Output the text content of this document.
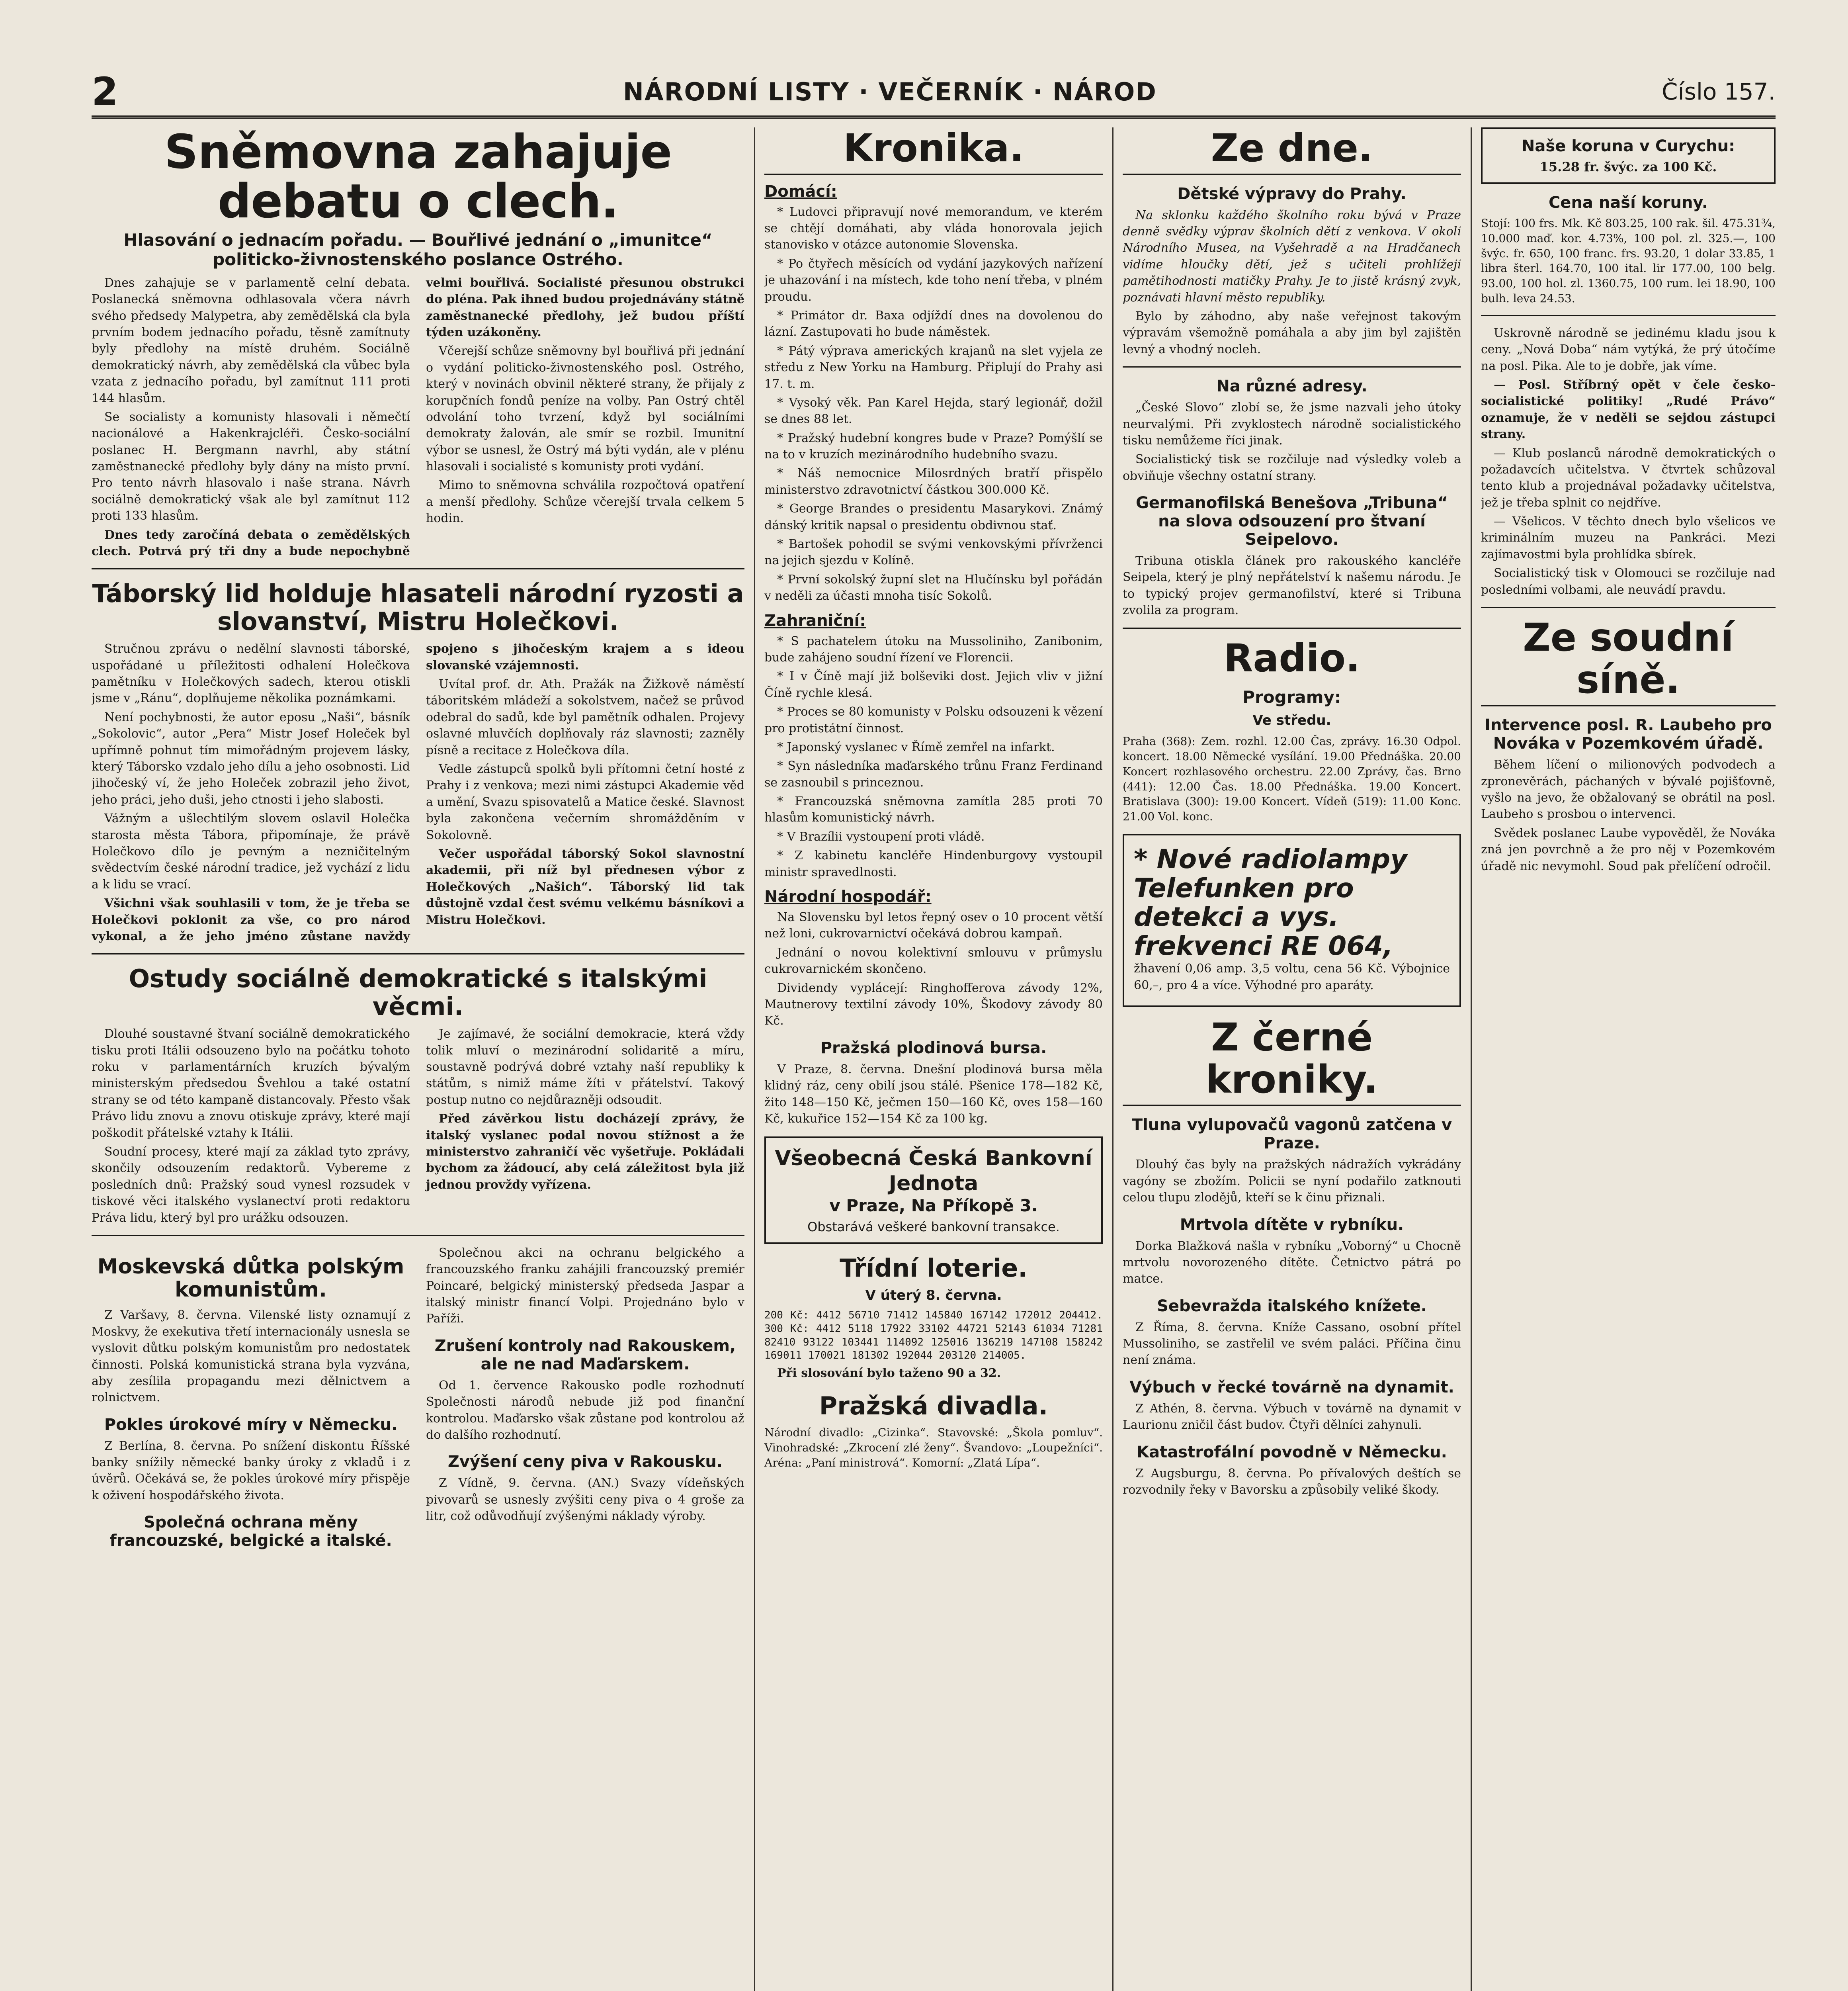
2	NÁRODNÍ LISTY · VEČERNÍK · NÁROD	Číslo 157.
Sněmovna zahajuje debatu o clech.
Hlasování o jednacím pořadu. — Bouřlivé jednání o „imunitce“ politicko-živnostenského poslance Ostrého.

Dnes zahajuje se v parlamentě celní debata. Poslanecká sněmovna odhlasovala včera návrh svého předsedy Malypetra, aby zemědělská cla byla prvním bodem jednacího pořadu, těsně zamítnuty byly předlohy na místě druhém. Sociálně demokratický návrh, aby zemědělská cla vůbec byla vzata z jednacího pořadu, byl zamítnut 111 proti 144 hlasům.

Se socialisty a komunisty hlasovali i němečtí nacionálové a Hakenkrajcléři. Česko-sociální poslanec H. Bergmann navrhl, aby státní zaměstnanecké předlohy byly dány na místo první. Pro tento návrh hlasovalo i naše strana. Návrh sociálně demokratický však ale byl zamítnut 112 proti 133 hlasům.

Dnes tedy zaročíná debata o zemědělských clech. Potrvá prý tři dny a bude nepochybně velmi bouřlivá. Socialisté přesunou obstrukci do pléna. Pak ihned budou projednávány státně zaměstnanecké předlohy, jež budou příští týden uzákoněny.

Včerejší schůze sněmovny byl bouřlivá při jednání o vydání politicko-živnostenského posl. Ostrého, který v novinách obvinil některé strany, že přijaly z korupčních fondů peníze na volby. Pan Ostrý chtěl odvolání toho tvrzení, když byl sociálními demokraty žalován, ale smír se rozbil. Imunitní výbor se usnesl, že Ostrý má býti vydán, ale v plénu hlasovali i socialisté s komunisty proti vydání.

Mimo to sněmovna schválila rozpočtová opatření a menší předlohy. Schůze včerejší trvala celkem 5 hodin.

Táborský lid holduje hlasateli národní ryzosti a slovanství, Mistru Holečkovi.

Stručnou zprávu o nedělní slavnosti táborské, uspořádané u příležitosti odhalení Holečkova pamětníku v Holečkových sadech, kterou otiskli jsme v „Ránu“, doplňujeme několika poznámkami.

Není pochybnosti, že autor eposu „Naši“, básník „Sokolovic“, autor „Pera“ Mistr Josef Holeček byl upřímně pohnut tím mimořádným projevem lásky, který Táborsko vzdalo jeho dílu a jeho osobnosti. Lid jihočeský ví, že jeho Holeček zobrazil jeho život, jeho práci, jeho duši, jeho ctnosti i jeho slabosti.

Vážným a ušlechtilým slovem oslavil Holečka starosta města Tábora, připomínaje, že právě Holečkovo dílo je pevným a nezničitelným svědectvím české národní tradice, jež vychází z lidu a k lidu se vrací.

Všichni však souhlasili v tom, že je třeba se Holečkovi poklonit za vše, co pro národ vykonal, a že jeho jméno zůstane navždy spojeno s jihočeským krajem a s ideou slovanské vzájemnosti.

Uvítal prof. dr. Ath. Pražák na Žižkově náměstí táboritském mládeží a sokolstvem, načež se průvod odebral do sadů, kde byl pamětník odhalen. Projevy oslavné mluvčích doplňovaly ráz slavnosti; zazněly písně a recitace z Holečkova díla.

Vedle zástupců spolků byli přítomni četní hosté z Prahy i z venkova; mezi nimi zástupci Akademie věd a umění, Svazu spisovatelů a Matice české. Slavnost byla zakončena večerním shromážděním v Sokolovně.

Večer uspořádal táborský Sokol slavnostní akademii, při níž byl přednesen výbor z Holečkových „Našich“. Táborský lid tak důstojně vzdal čest svému velkému básníkovi a Mistru Holečkovi.

Ostudy sociálně demokratické s italskými věcmi.

Dlouhé soustavné štvaní sociálně demokratického tisku proti Itálii odsouzeno bylo na počátku tohoto roku v parlamentárních kruzích bývalým ministerským předsedou Švehlou a také ostatní strany se od této kampaně distancovaly. Přesto však Právo lidu znovu a znovu otiskuje zprávy, které mají poškodit přátelské vztahy k Itálii.

Soudní procesy, které mají za základ tyto zprávy, skončily odsouzením redaktorů. Vybereme z posledních dnů: Pražský soud vynesl rozsudek v tiskové věci italského vyslanectví proti redaktoru Práva lidu, který byl pro urážku odsouzen.

Je zajímavé, že sociální demokracie, která vždy tolik mluví o mezinárodní solidaritě a míru, soustavně podrývá dobré vztahy naší republiky k státům, s nimiž máme žíti v přátelství. Takový postup nutno co nejdůrazněji odsoudit.

Před závěrkou listu docházejí zprávy, že italský vyslanec podal novou stížnost a že ministerstvo zahraničí věc vyšetřuje. Pokládali bychom za žádoucí, aby celá záležitost byla již jednou provždy vyřízena.

Moskevská důtka polským komunistům.

Z Varšavy, 8. června. Vilenské listy oznamují z Moskvy, že exekutiva třetí internacionály usnesla se vyslovit důtku polským komunistům pro nedostatek činnosti. Polská komunistická strana byla vyzvána, aby zesílila propagandu mezi dělnictvem a rolnictvem.

Pokles úrokové míry v Německu.

Z Berlína, 8. června. Po snížení diskontu Říšské banky snížily německé banky úroky z vkladů i z úvěrů. Očekává se, že pokles úrokové míry přispěje k oživení hospodářského života.

Společná ochrana měny francouzské, belgické a italské.

Společnou akci na ochranu belgického a francouzského franku zahájili francouzský premiér Poincaré, belgický ministerský předseda Jaspar a italský ministr financí Volpi. Projednáno bylo v Paříži.

Zrušení kontroly nad Rakouskem, ale ne nad Maďarskem.

Od 1. července Rakousko podle rozhodnutí Společnosti národů nebude již pod finanční kontrolou. Maďarsko však zůstane pod kontrolou až do dalšího rozhodnutí.

Zvýšení ceny piva v Rakousku.

Z Vídně, 9. června. (AN.) Svazy vídeňských pivovarů se usnesly zvýšiti ceny piva o 4 groše za litr, což odůvodňují zvýšenými náklady výroby.

Kronika.
Domácí:

* Ludovci připravují nové memorandum, ve kterém se chtějí domáhati, aby vláda honorovala jejich stanovisko v otázce autonomie Slovenska.

* Po čtyřech měsících od vydání jazykových nařízení je uhazování i na místech, kde toho není třeba, v plném proudu.

* Primátor dr. Baxa odjíždí dnes na dovolenou do lázní. Zastupovati ho bude náměstek.

* Pátý výprava amerických krajanů na slet vyjela ze středu z New Yorku na Hamburg. Připlují do Prahy asi 17. t. m.

* Vysoký věk. Pan Karel Hejda, starý legionář, dožil se dnes 88 let.

* Pražský hudební kongres bude v Praze? Pomýšlí se na to v kruzích mezinárodního hudebního svazu.

* Náš nemocnice Milosrdných bratří přispělo ministerstvo zdravotnictví částkou 300.000 Kč.

* George Brandes o presidentu Masarykovi. Známý dánský kritik napsal o presidentu obdivnou stať.

* Bartošek pohodil se svými venkovskými přívrženci na jejich sjezdu v Kolíně.

* První sokolský župní slet na Hlučínsku byl pořádán v neděli za účasti mnoha tisíc Sokolů.

Zahraniční:

* S pachatelem útoku na Mussoliniho, Zanibonim, bude zahájeno soudní řízení ve Florencii.

* I v Číně mají již bolševiki dost. Jejich vliv v jižní Číně rychle klesá.

* Proces se 80 komunisty v Polsku odsouzeni k vězení pro protistátní činnost.

* Japonský vyslanec v Římě zemřel na infarkt.

* Syn následníka maďarského trůnu Franz Ferdinand se zasnoubil s princeznou.

* Francouzská sněmovna zamítla 285 proti 70 hlasům komunistický návrh.

* V Brazílii vystoupení proti vládě.

* Z kabinetu kancléře Hindenburgovy vystoupil ministr spravedlnosti.

Národní hospodář:

Na Slovensku byl letos řepný osev o 10 procent větší než loni, cukrovarnictví očekává dobrou kampaň.

Jednání o novou kolektivní smlouvu v průmyslu cukrovarnickém skončeno.

Dividendy vyplácejí: Ringhofferova závody 12%, Mautnerovy textilní závody 10%, Škodovy závody 80 Kč.

Pražská plodinová bursa.

V Praze, 8. června. Dnešní plodinová bursa měla klidný ráz, ceny obilí jsou stálé. Pšenice 178—182 Kč, žito 148—150 Kč, ječmen 150—160 Kč, oves 158—160 Kč, kukuřice 152—154 Kč za 100 kg.

Všeobecná Česká Bankovní Jednota
v Praze, Na Příkopě 3.
Obstarává veškeré bankovní transakce.
Třídní loterie.
V úterý 8. června.

200 Kč: 4412 56710 71412 145840 167142 172012 204412. 300 Kč: 4412 5118 17922 33102 44721 52143 61034 71281 82410 93122 103441 114092 125016 136219 147108 158242 169011 170021 181302 192044 203120 214005.

Při slosování bylo taženo 90 a 32.

Pražská divadla.

Národní divadlo: „Cizinka“. Stavovské: „Škola pomluv“. Vinohradské: „Zkrocení zlé ženy“. Švandovo: „Loupežníci“. Aréna: „Paní ministrová“. Komorní: „Zlatá Lípa“.

Ze dne.
Dětské výpravy do Prahy.

Na sklonku každého školního roku bývá v Praze denně svědky výprav školních dětí z venkova. V okolí Národního Musea, na Vyšehradě a na Hradčanech vidíme hloučky dětí, jež s učiteli prohlížejí pamětihodnosti matičky Prahy. Je to jistě krásný zvyk, poznávati hlavní město republiky.

Bylo by záhodno, aby naše veřejnost takovým výpravám všemožně pomáhala a aby jim byl zajištěn levný a vhodný nocleh.

Na různé adresy.

„České Slovo“ zlobí se, že jsme nazvali jeho útoky neurvalými. Při zvyklostech národně socialistického tisku nemůžeme říci jinak.

Socialistický tisk se rozčiluje nad výsledky voleb a obviňuje všechny ostatní strany.

Germanofilská Benešova „Tribuna“ na slova odsouzení pro štvaní Seipelovo.

Tribuna otiskla článek pro rakouského kancléře Seipela, který je plný nepřátelství k našemu národu. Je to typický projev germanofilství, které si Tribuna zvolila za program.

Radio.
Programy:
Ve středu.

Praha (368): Zem. rozhl. 12.00 Čas, zprávy. 16.30 Odpol. koncert. 18.00 Německé vysílání. 19.00 Přednáška. 20.00 Koncert rozhlasového orchestru. 22.00 Zprávy, čas. Brno (441): 12.00 Čas. 18.00 Přednáška. 19.00 Koncert. Bratislava (300): 19.00 Koncert. Vídeň (519): 11.00 Konc. 21.00 Vol. konc.

* Nové radiolampy Telefunken pro detekci a vys. frekvenci RE 064,

žhavení 0,06 amp. 3,5 voltu, cena 56 Kč. Výbojnice 60,–, pro 4 a více. Výhodné pro aparáty.

Z černé kroniky.
Tluna vylupovačů vagonů zatčena v Praze.

Dlouhý čas byly na pražských nádražích vykrádány vagóny se zbožím. Policii se nyní podařilo zatknouti celou tlupu zlodějů, kteří se k činu přiznali.

Mrtvola dítěte v rybníku.

Dorka Blažková našla v rybníku „Voborný“ u Chocně mrtvolu novorozeného dítěte. Četnictvo pátrá po matce.

Sebevražda italského knížete.

Z Říma, 8. června. Kníže Cassano, osobní přítel Mussoliniho, se zastřelil ve svém paláci. Příčina činu není známa.

Výbuch v řecké továrně na dynamit.

Z Athén, 8. června. Výbuch v továrně na dynamit v Laurionu zničil část budov. Čtyři dělníci zahynuli.

Katastrofální povodně v Německu.

Z Augsburgu, 8. června. Po přívalových deštích se rozvodnily řeky v Bavorsku a způsobily veliké škody.

Naše koruna v Curychu:
15.28 fr. švýc. za 100 Kč.
Cena naší koruny.

Stojí: 100 frs. Mk. Kč 803.25, 100 rak. šil. 475.31¾, 10.000 maď. kor. 4.73%, 100 pol. zl. 325.—, 100 švýc. fr. 650, 100 franc. frs. 93.20, 1 dolar 33.85, 1 libra šterl. 164.70, 100 ital. lir 177.00, 100 belg. 93.00, 100 hol. zl. 1360.75, 100 rum. lei 18.90, 100 bulh. leva 24.53.

Uskrovně národně se jedinému kladu jsou k ceny. „Nová Doba“ nám vytýká, že prý útočíme na posl. Pika. Ale to je dobře, jak víme.

— Posl. Stříbrný opět v čele česko-socialistické politiky! „Rudé Právo“ oznamuje, že v neděli se sejdou zástupci strany.

— Klub poslanců národně demokratických o požadavcích učitelstva. V čtvrtek schůzoval tento klub a projednával požadavky učitelstva, jež je třeba splnit co nejdříve.

— Všelicos. V těchto dnech bylo všelicos ve kriminálním muzeu na Pankráci. Mezi zajímavostmi byla prohlídka sbírek.

Socialistický tisk v Olomouci se rozčiluje nad posledními volbami, ale neuvádí pravdu.

Ze soudní síně.
Intervence posl. R. Laubeho pro Nováka v Pozemkovém úřadě.

Během líčení o milionových podvodech a zpronevěrách, páchaných v bývalé pojišťovně, vyšlo na jevo, že obžalovaný se obrátil na posl. Laubeho s prosbou o intervenci.

Svědek poslanec Laube vypověděl, že Nováka zná jen povrchně a že pro něj v Pozemkovém úřadě nic nevymohl. Soud pak přelíčení odročil.
